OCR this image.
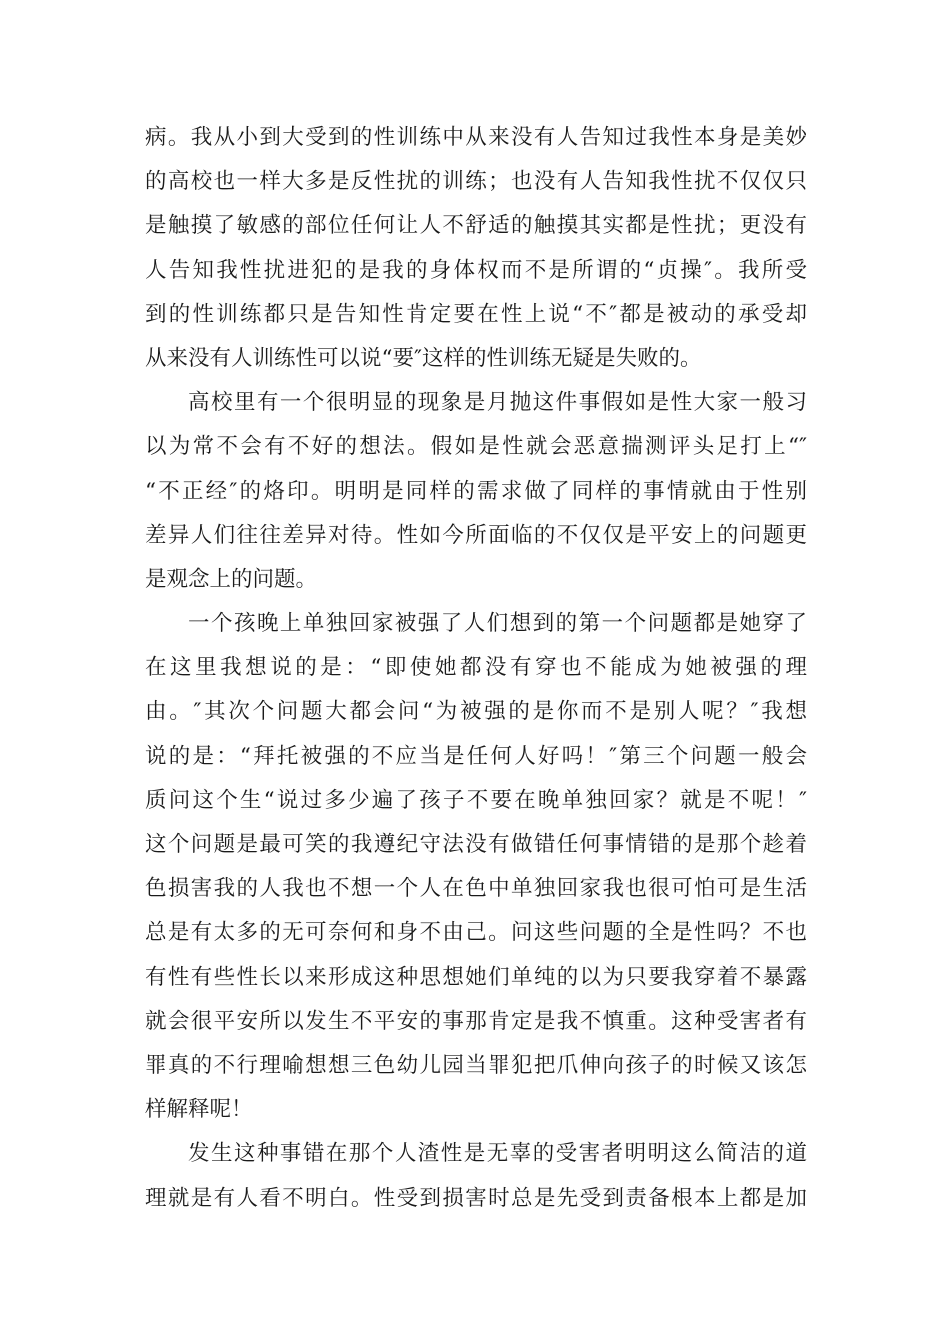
病。我从小到大受到的性训练中从来没有人告知过我性本身是美妙
的高校也一样大多是反性扰的训练；也没有人告知我性扰不仅仅只
是触摸了敏感的部位任何让人不舒适的触摸其实都是性扰；更没有
人告知我性扰进犯的是我的身体权而不是所谓的“贞操″。我所受
到的性训练都只是告知性肯定要在性上说“不″都是被动的承受却
从来没有人训练性可以说“要″这样的性训练无疑是失败的。
高校里有一个很明显的现象是月抛这件事假如是性大家一般习
以为常不会有不好的想法。假如是性就会恶意揣测评头足打上“″
“不正经″的烙印。明明是同样的需求做了同样的事情就由于性别
差异人们往往差异对待。性如今所面临的不仅仅是平安上的问题更
是观念上的问题。
一个孩晚上单独回家被强了人们想到的第一个问题都是她穿了
在这里我想说的是：“即使她都没有穿也不能成为她被强的理
由。″其次个问题大都会问“为被强的是你而不是别人呢？″我想
说的是：“拜托被强的不应当是任何人好吗！″第三个问题一般会
质问这个生“说过多少遍了孩子不要在晚单独回家？就是不呢！″
这个问题是最可笑的我遵纪守法没有做错任何事情错的是那个趁着
色损害我的人我也不想一个人在色中单独回家我也很可怕可是生活
总是有太多的无可奈何和身不由己。问这些问题的全是性吗？不也
有性有些性长以来形成这种思想她们单纯的以为只要我穿着不暴露
就会很平安所以发生不平安的事那肯定是我不慎重。这种受害者有
罪真的不行理喻想想三色幼儿园当罪犯把爪伸向孩子的时候又该怎
样解释呢！
发生这种事错在那个人渣性是无辜的受害者明明这么简洁的道
理就是有人看不明白。性受到损害时总是先受到责备根本上都是加
